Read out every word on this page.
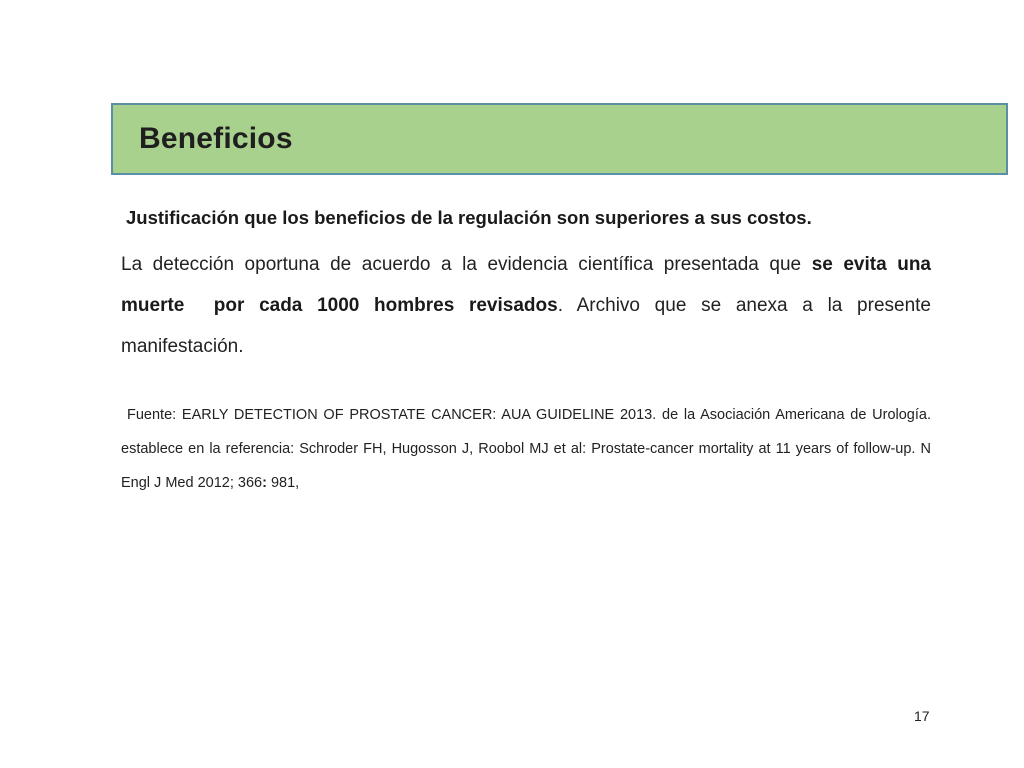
Beneficios
Justificación que los beneficios de la regulación son superiores a sus costos.
La detección oportuna de acuerdo a la evidencia científica presentada que se evita una muerte por cada 1000 hombres revisados. Archivo que se anexa a la presente manifestación.
Fuente: EARLY DETECTION OF PROSTATE CANCER: AUA GUIDELINE 2013. de la Asociación Americana de Urología. establece en la referencia: Schroder FH, Hugosson J, Roobol MJ et al: Prostate-cancer mortality at 11 years of follow-up. N Engl J Med 2012; 366: 981,
17
